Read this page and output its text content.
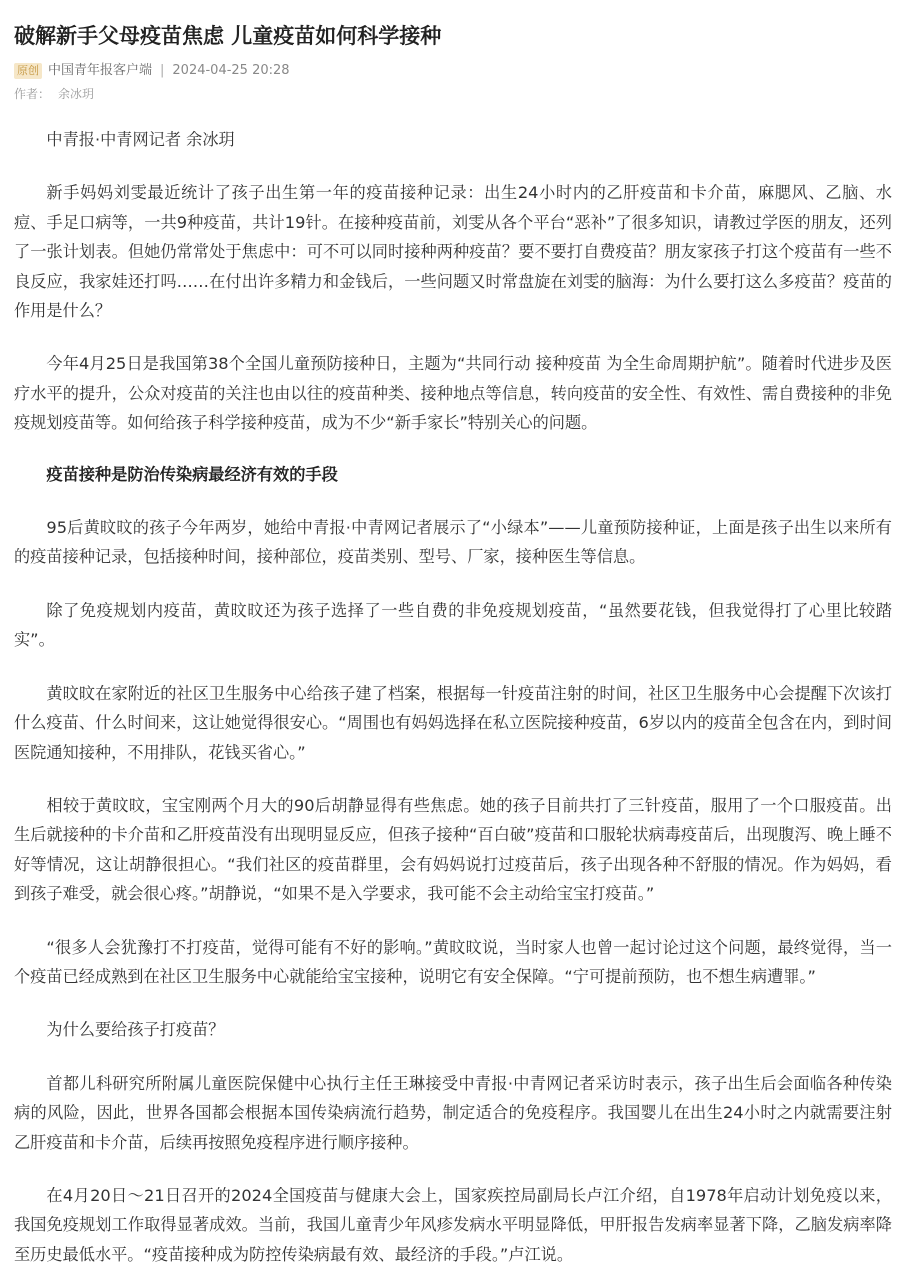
破解新手父母疫苗焦虑 儿童疫苗如何科学接种
原创 中国青年报客户端 | 2024-04-25 20:28
作者： 余冰玥

中青报·中青网记者 余冰玥

新手妈妈刘雯最近统计了孩子出生第一年的疫苗接种记录：出生24小时内的乙肝疫苗和卡介苗，麻腮风、乙脑、水痘、手足口病等，一共9种疫苗，共计19针。在接种疫苗前，刘雯从各个平台“恶补”了很多知识，请教过学医的朋友，还列了一张计划表。但她仍常常处于焦虑中：可不可以同时接种两种疫苗？要不要打自费疫苗？朋友家孩子打这个疫苗有一些不良反应，我家娃还打吗……在付出许多精力和金钱后，一些问题又时常盘旋在刘雯的脑海：为什么要打这么多疫苗？疫苗的作用是什么？

今年4月25日是我国第38个全国儿童预防接种日，主题为“共同行动 接种疫苗 为全生命周期护航”。随着时代进步及医疗水平的提升，公众对疫苗的关注也由以往的疫苗种类、接种地点等信息，转向疫苗的安全性、有效性、需自费接种的非免疫规划疫苗等。如何给孩子科学接种疫苗，成为不少“新手家长”特别关心的问题。

疫苗接种是防治传染病最经济有效的手段

95后黄旼旼的孩子今年两岁，她给中青报·中青网记者展示了“小绿本”——儿童预防接种证，上面是孩子出生以来所有的疫苗接种记录，包括接种时间，接种部位，疫苗类别、型号、厂家，接种医生等信息。

除了免疫规划内疫苗，黄旼旼还为孩子选择了一些自费的非免疫规划疫苗，“虽然要花钱，但我觉得打了心里比较踏实”。

黄旼旼在家附近的社区卫生服务中心给孩子建了档案，根据每一针疫苗注射的时间，社区卫生服务中心会提醒下次该打什么疫苗、什么时间来，这让她觉得很安心。“周围也有妈妈选择在私立医院接种疫苗，6岁以内的疫苗全包含在内，到时间医院通知接种，不用排队，花钱买省心。”

相较于黄旼旼，宝宝刚两个月大的90后胡静显得有些焦虑。她的孩子目前共打了三针疫苗，服用了一个口服疫苗。出生后就接种的卡介苗和乙肝疫苗没有出现明显反应，但孩子接种“百白破”疫苗和口服轮状病毒疫苗后，出现腹泻、晚上睡不好等情况，这让胡静很担心。“我们社区的疫苗群里，会有妈妈说打过疫苗后，孩子出现各种不舒服的情况。作为妈妈，看到孩子难受，就会很心疼。”胡静说，“如果不是入学要求，我可能不会主动给宝宝打疫苗。”

“很多人会犹豫打不打疫苗，觉得可能有不好的影响。”黄旼旼说，当时家人也曾一起讨论过这个问题，最终觉得，当一个疫苗已经成熟到在社区卫生服务中心就能给宝宝接种，说明它有安全保障。“宁可提前预防，也不想生病遭罪。”

为什么要给孩子打疫苗？

首都儿科研究所附属儿童医院保健中心执行主任王琳接受中青报·中青网记者采访时表示，孩子出生后会面临各种传染病的风险，因此，世界各国都会根据本国传染病流行趋势，制定适合的免疫程序。我国婴儿在出生24小时之内就需要注射乙肝疫苗和卡介苗，后续再按照免疫程序进行顺序接种。

在4月20日～21日召开的2024全国疫苗与健康大会上，国家疾控局副局长卢江介绍，自1978年启动计划免疫以来，我国免疫规划工作取得显著成效。当前，我国儿童青少年风疹发病水平明显降低，甲肝报告发病率显著下降，乙脑发病率降至历史最低水平。“疫苗接种成为防控传染病最有效、最经济的手段。”卢江说。
